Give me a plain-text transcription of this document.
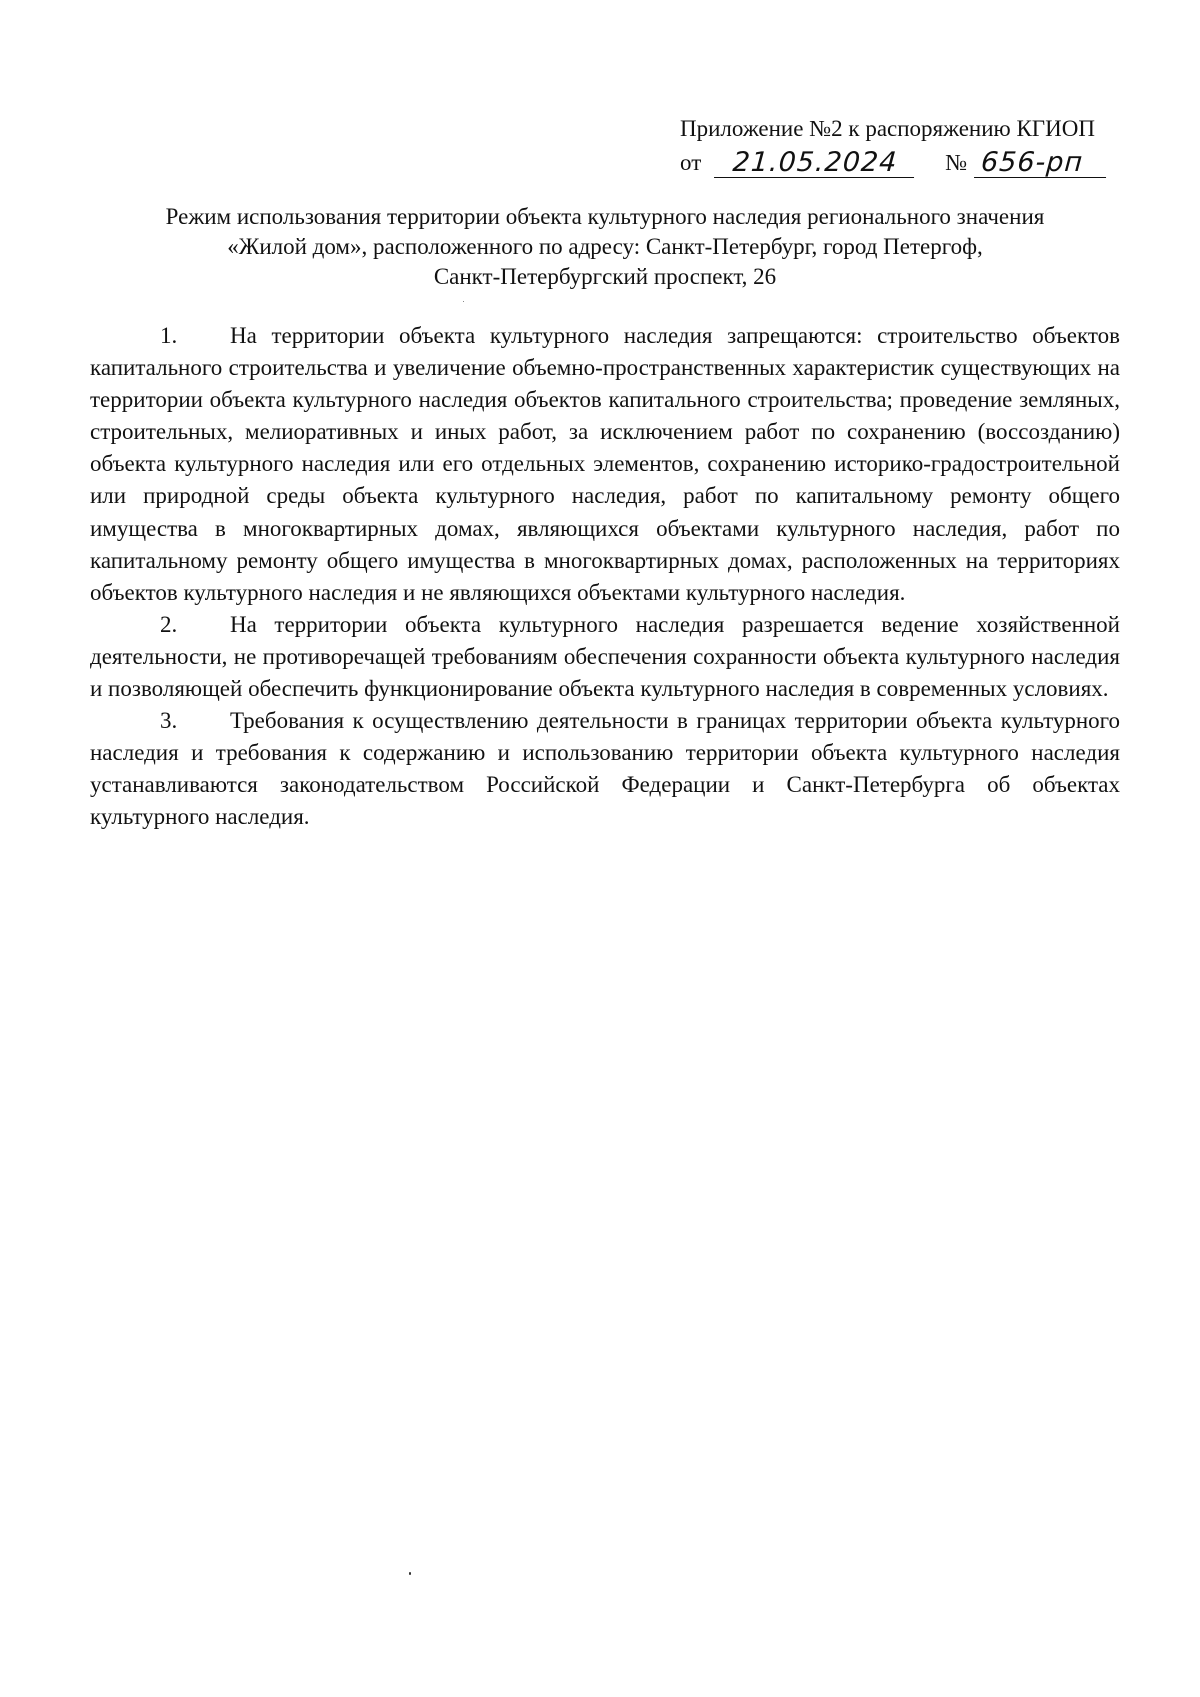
Приложение №2 к распоряжению КГИОП
от	21.05.2024	№ 656-рп
Режим использования территории объекта культурного наследия регионального значения
«Жилой дом», расположенного по адресу: Санкт-Петербург, город Петергоф,
Санкт-Петербургский проспект, 26

1. На территории объекта культурного наследия запрещаются: строительство объектов капитального строительства и увеличение объемно-пространственных характеристик существующих на территории объекта культурного наследия объектов капитального строительства; проведение земляных, строительных, мелиоративных и иных работ, за исключением работ по сохранению (воссозданию) объекта культурного наследия или его отдельных элементов, сохранению историко-градостроительной или природной среды объекта культурного наследия, работ по капитальному ремонту общего имущества в многоквартирных домах, являющихся объектами культурного наследия, работ по капитальному ремонту общего имущества в многоквартирных домах, расположенных на территориях объектов культурного наследия и не являющихся объектами культурного наследия.

2. На территории объекта культурного наследия разрешается ведение хозяйственной деятельности, не противоречащей требованиям обеспечения сохранности объекта культурного наследия и позволяющей обеспечить функционирование объекта культурного наследия в современных условиях.

3. Требования к осуществлению деятельности в границах территории объекта культурного наследия и требования к содержанию и использованию территории объекта культурного наследия устанавливаются законодательством Российской Федерации и Санкт-Петербурга об объектах культурного наследия.
